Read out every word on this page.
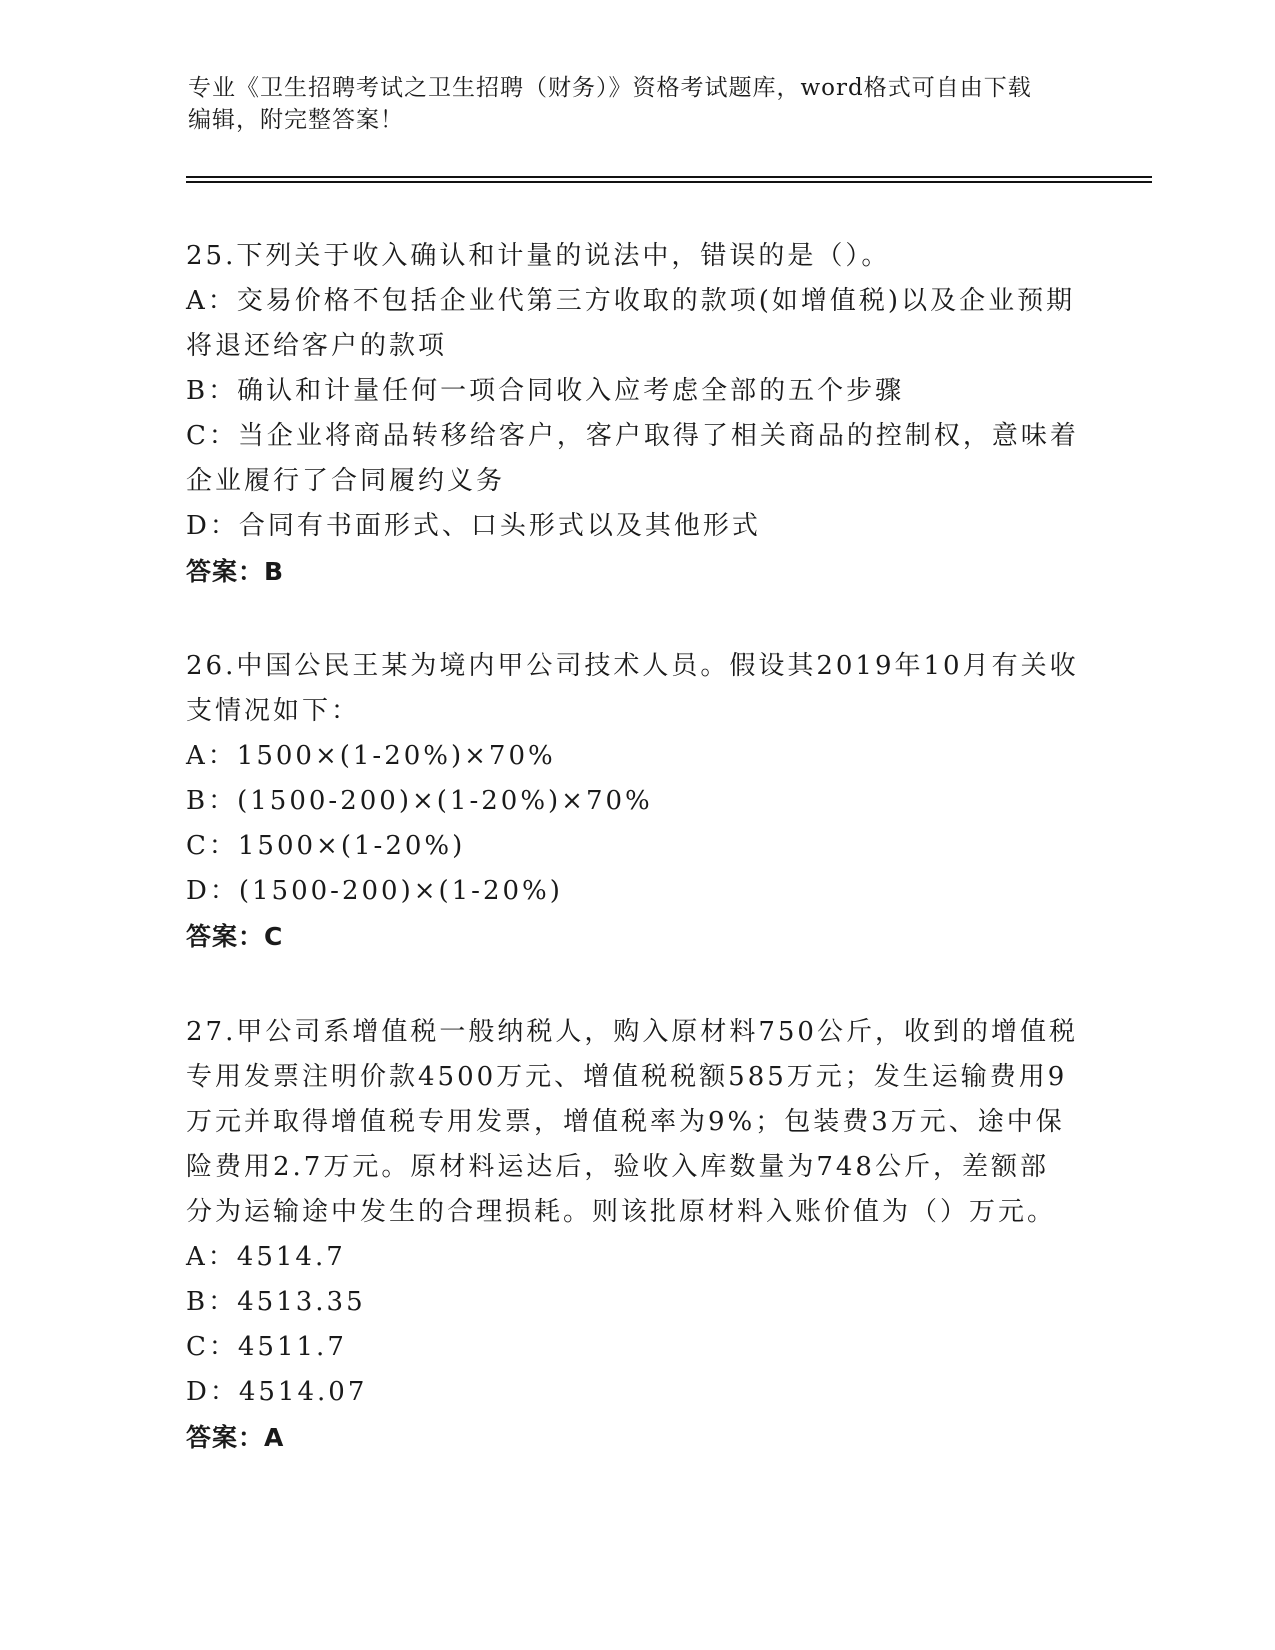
专业《卫生招聘考试之卫生招聘（财务）》资格考试题库，word格式可自由下载
编辑，附完整答案！
25.下列关于收入确认和计量的说法中，错误的是（）。
A：交易价格不包括企业代第三方收取的款项(如增值税)以及企业预期
将退还给客户的款项
B：确认和计量任何一项合同收入应考虑全部的五个步骤
C：当企业将商品转移给客户，客户取得了相关商品的控制权，意味着
企业履行了合同履约义务
D：合同有书面形式、口头形式以及其他形式
答案：B
26.中国公民王某为境内甲公司技术人员。假设其2019年10月有关收
支情况如下：
A：1500×(1-20%)×70%
B：(1500-200)×(1-20%)×70%
C：1500×(1-20%)
D：(1500-200)×(1-20%)
答案：C
27.甲公司系增值税一般纳税人，购入原材料750公斤，收到的增值税
专用发票注明价款4500万元、增值税税额585万元；发生运输费用9
万元并取得增值税专用发票，增值税率为9%；包装费3万元、途中保
险费用2.7万元。原材料运达后，验收入库数量为748公斤，差额部
分为运输途中发生的合理损耗。则该批原材料入账价值为（）万元。
A：4514.7
B：4513.35
C：4511.7
D：4514.07
答案：A
